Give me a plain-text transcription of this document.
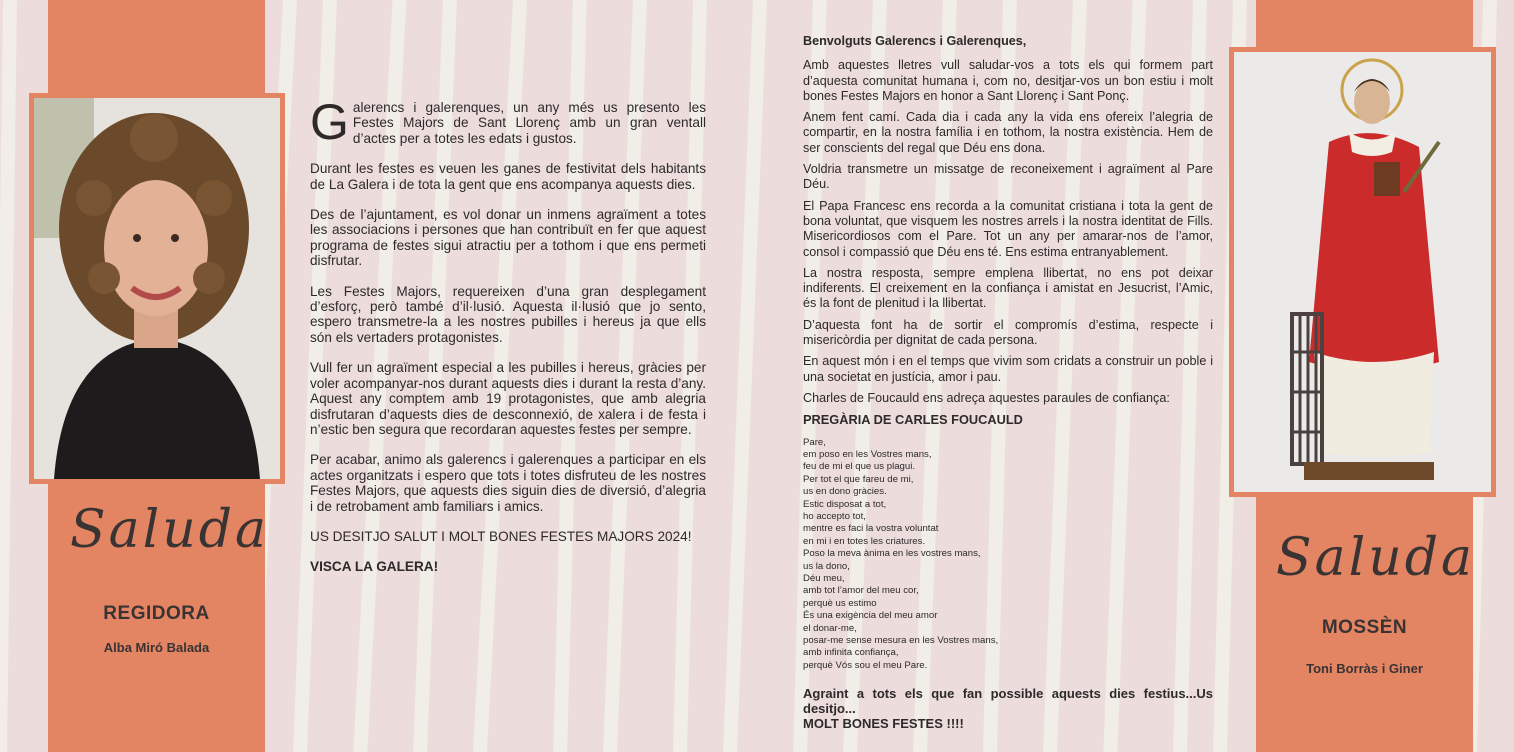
Saluda
REGIDORA
Alba Miró Balada
Saluda
MOSSÈN
Toni Borràs i Giner

Galerencs i galerenques, un any més us presento les Festes Majors de Sant Llorenç amb un gran ventall d’actes per a totes les edats i gustos.

Durant les festes es veuen les ganes de festivitat dels habitants de La Galera i de tota la gent que ens acompanya aquests dies.

Des de l’ajuntament, es vol donar un inmens agraïment a totes les associacions i persones que han contribuït en fer que aquest programa de festes sigui atractiu per a tothom i que ens permeti disfrutar.

Les Festes Majors, requereixen d’una gran desplegament d’esforç, però també d’il·lusió. Aquesta il·lusió que jo sento, espero transmetre-la a les nostres pubilles i hereus ja que ells són els vertaders protagonistes.

Vull fer un agraïment especial a les pubilles i hereus, gràcies per voler acompanyar-nos durant aquests dies i durant la resta d’any. Aquest any comptem amb 19 protagonistes, que amb alegria disfrutaran d’aquests dies de desconnexió, de xalera i de festa i n’estic ben segura que recordaran aquestes festes per sempre.

Per acabar, animo als galerencs i galerenques a participar en els actes organitzats i espero que tots i totes disfruteu de les nostres Festes Majors, que aquests dies siguin dies de diversió, d’alegria i de retrobament amb familiars i amics.

US DESITJO SALUT I MOLT BONES FESTES MAJORS 2024!

VISCA LA GALERA!

Benvolguts Galerencs i Galerenques,

Amb aquestes lletres vull saludar-vos a tots els qui formem part d’aquesta comunitat humana i, com no, desitjar-vos un bon estiu i molt bones Festes Majors en honor a Sant Llorenç i Sant Ponç.

Anem fent camí. Cada dia i cada any la vida ens ofereix l’alegria de compartir, en la nostra família i en tothom, la nostra existència. Hem de ser conscients del regal que Déu ens dona.

Voldria transmetre un missatge de reconeixement i agraïment al Pare Déu.

El Papa Francesc ens recorda a la comunitat cristiana i tota la gent de bona voluntat, que visquem les nostres arrels i la nostra identitat de Fills. Misericordiosos com el Pare. Tot un any per amarar-nos de l’amor, consol i compassió que Déu ens té. Ens estima entranyablement.

La nostra resposta, sempre emplena llibertat, no ens pot deixar indiferents. El creixement en la confiança i amistat en Jesucrist, l’Amic, és la font de plenitud i la llibertat.

D’aquesta font ha de sortir el compromís d’estima, respecte i misericòrdia per dignitat de cada persona.

En aquest món i en el temps que vivim som cridats a construir un poble i una societat en justícia, amor i pau.

Charles de Foucauld ens adreça aquestes paraules de confiança:

PREGÀRIA DE CARLES FOUCAULD

Pare,
em poso en les Vostres mans,
feu de mi el que us plagui.
Per tot el que fareu de mi,
us en dono gràcies.
Estic disposat a tot,
ho accepto tot,
mentre es faci la vostra voluntat
en mi i en totes les criatures.
Poso la meva ànima en les vostres mans,
us la dono,
Déu meu,
amb tot l’amor del meu cor,
perquè us estimo
És una exigència del meu amor
el donar-me,
posar-me sense mesura en les Vostres mans,
amb infinita confiança,
perquè Vós sou el meu Pare.

Agraint a tots els que fan possible aquests dies festius...Us desitjo...

MOLT BONES FESTES !!!!
